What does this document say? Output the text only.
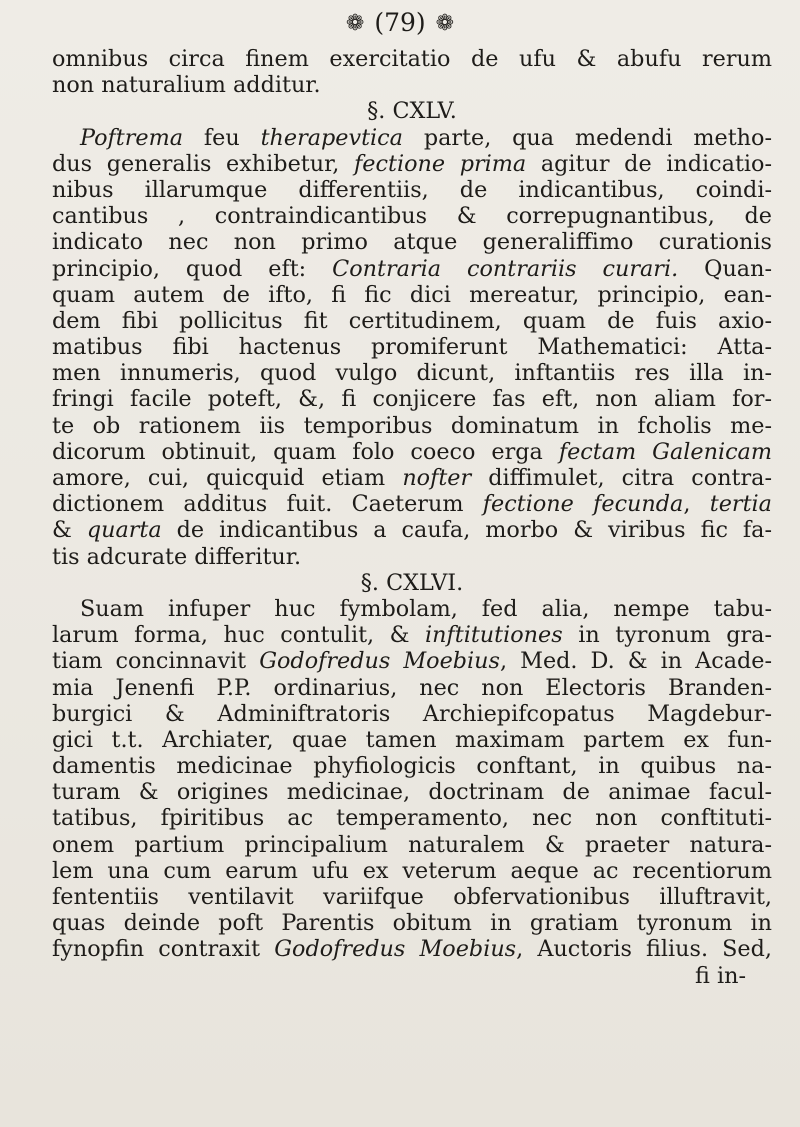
❁ (79) ❁
omnibus circa finem exercitatio de ufu & abufu rerum
non naturalium additur.
§. CXLV.
Poftrema feu therapevtica parte, qua medendi metho-
dus generalis exhibetur, fectione prima agitur de indicatio-
nibus illarumque differentiis, de indicantibus, coindi-
cantibus , contraindicantibus & correpugnantibus, de
indicato nec non primo atque generaliffimo curationis
principio, quod eft: Contraria contrariis curari. Quan-
quam autem de ifto, fi fic dici mereatur, principio, ean-
dem fibi pollicitus fit certitudinem, quam de fuis axio-
matibus fibi hactenus promiferunt Mathematici: Atta-
men innumeris, quod vulgo dicunt, inftantiis res illa in-
fringi facile poteft, &, fi conjicere fas eft, non aliam for-
te ob rationem iis temporibus dominatum in fcholis me-
dicorum obtinuit, quam folo coeco erga fectam Galenicam
amore, cui, quicquid etiam nofter diffimulet, citra contra-
dictionem additus fuit. Caeterum fectione fecunda, tertia
& quarta de indicantibus a caufa, morbo & viribus fic fa-
tis adcurate differitur.
§. CXLVI.
Suam infuper huc fymbolam, fed alia, nempe tabu-
larum forma, huc contulit, & inftitutiones in tyronum gra-
tiam concinnavit Godofredus Moebius, Med. D. & in Acade-
mia Jenenfi P.P. ordinarius, nec non Electoris Branden-
burgici & Adminiftratoris Archiepifcopatus Magdebur-
gici t.t. Archiater, quae tamen maximam partem ex fun-
damentis medicinae phyfiologicis conftant, in quibus na-
turam & origines medicinae, doctrinam de animae facul-
tatibus, fpiritibus ac temperamento, nec non conftituti-
onem partium principalium naturalem & praeter natura-
lem una cum earum ufu ex veterum aeque ac recentiorum
fententiis ventilavit variifque obfervationibus illuftravit,
quas deinde poft Parentis obitum in gratiam tyronum in
fynopfin contraxit Godofredus Moebius, Auctoris filius. Sed,
fi in-
